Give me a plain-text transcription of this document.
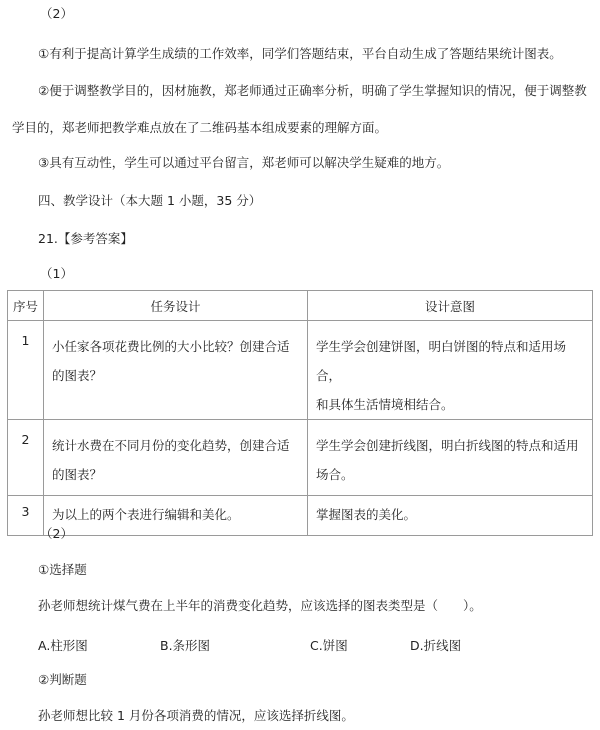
（2）
①有利于提高计算学生成绩的工作效率，同学们答题结束，平台自动生成了答题结果统计图表。
②便于调整教学目的，因材施教，郑老师通过正确率分析，明确了学生掌握知识的情况，便于调整教
学目的，郑老师把教学难点放在了二维码基本组成要素的理解方面。
③具有互动性，学生可以通过平台留言，郑老师可以解决学生疑难的地方。
四、教学设计（本大题 1 小题，35 分）
21.【参考答案】
（1）
序号	任务设计	设计意图
1	小任家各项花费比例的大小比较？创建合适的图表？	学生学会创建饼图，明白饼图的特点和适用场合，
和具体生活情境相结合。

2	统计水费在不同月份的变化趋势，创建合适的图表？	学生学会创建折线图，明白折线图的特点和适用
场合。

3	为以上的两个表进行编辑和美化。	掌握图表的美化。
（2）
①选择题
孙老师想统计煤气费在上半年的消费变化趋势，应该选择的图表类型是（　　）。
A.柱形图	B.条形图	C.饼图	D.折线图
②判断题
孙老师想比较 1 月份各项消费的情况，应该选择折线图。
